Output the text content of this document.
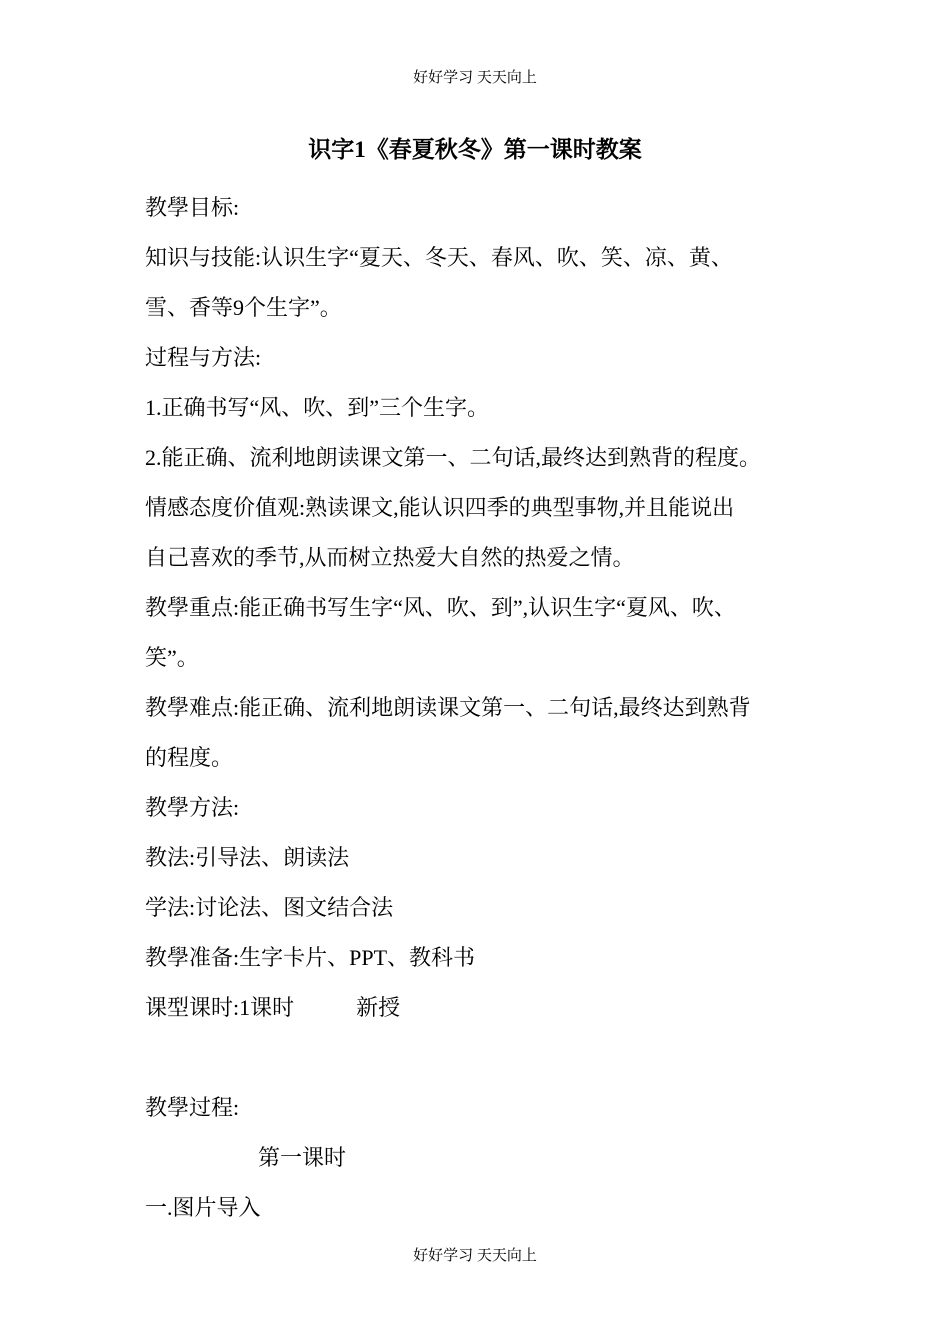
好好学习 天天向上
识字1《春夏秋冬》第一课时教案
教學目标:
知识与技能:认识生字“夏天、冬天、春风、吹、笑、凉、黄、
雪、香等9个生字”。
过程与方法:
1.正确书写“风、吹、到”三个生字。
2.能正确、流利地朗读课文第一、二句话,最终达到熟背的程度。
情感态度价值观:熟读课文,能认识四季的典型事物,并且能说出
自己喜欢的季节,从而树立热爱大自然的热爱之情。
教學重点:能正确书写生字“风、吹、到”,认识生字“夏风、吹、
笑”。
教學难点:能正确、流利地朗读课文第一、二句话,最终达到熟背
的程度。
教學方法:
教法:引导法、朗读法
学法:讨论法、图文结合法
教學准备:生字卡片、PPT、教科书
课型课时:1课时	新授
教學过程:
第一课时
一.图片导入
好好学习 天天向上
